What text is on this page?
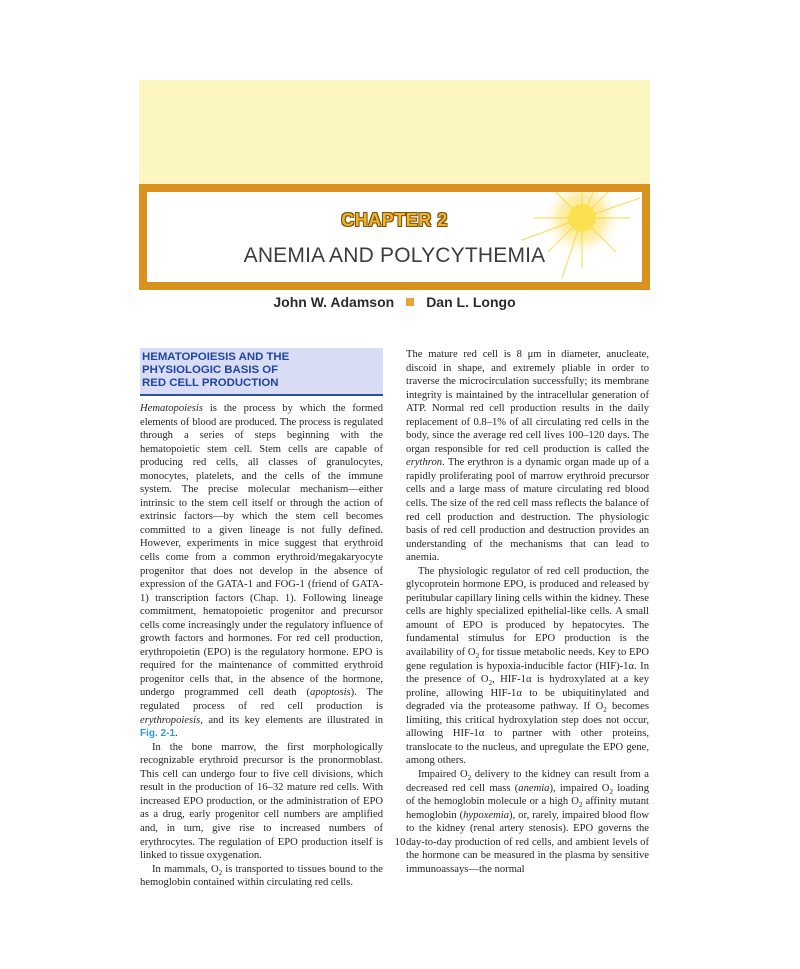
CHAPTER 2
ANEMIA AND POLYCYTHEMIA
John W. Adamson Dan L. Longo
HEMATOPOIESIS AND THE
PHYSIOLOGIC BASIS OF
RED CELL PRODUCTION

Hematopoiesis is the process by which the formed elements of blood are produced. The process is regulated through a series of steps beginning with the hematopoietic stem cell. Stem cells are capable of producing red cells, all classes of granulocytes, monocytes, platelets, and the cells of the immune system. The precise molecular mechanism—either intrinsic to the stem cell itself or through the action of extrinsic factors—by which the stem cell becomes committed to a given lineage is not fully defined. However, experiments in mice suggest that erythroid cells come from a common erythroid/megakaryocyte progenitor that does not develop in the absence of expression of the GATA-1 and FOG-1 (friend of GATA-1) transcription factors (Chap. 1). Following lineage commitment, hematopoietic progenitor and precursor cells come increasingly under the regulatory influence of growth factors and hormones. For red cell production, erythropoietin (EPO) is the regulatory hormone. EPO is required for the maintenance of committed erythroid progenitor cells that, in the absence of the hormone, undergo programmed cell death (apoptosis). The regulated process of red cell production is erythropoiesis, and its key elements are illustrated in Fig. 2-1.

In the bone marrow, the first morphologically recognizable erythroid precursor is the pronormoblast. This cell can undergo four to five cell divisions, which result in the production of 16–32 mature red cells. With increased EPO production, or the administration of EPO as a drug, early progenitor cell numbers are amplified and, in turn, give rise to increased numbers of erythrocytes. The regulation of EPO production itself is linked to tissue oxygenation.

In mammals, $O_2$ is transported to tissues bound to the hemoglobin contained within circulating red cells.

The mature red cell is 8 μm in diameter, anucleate, discoid in shape, and extremely pliable in order to traverse the microcirculation successfully; its membrane integrity is maintained by the intracellular generation of ATP. Normal red cell production results in the daily replacement of 0.8–1% of all circulating red cells in the body, since the average red cell lives 100–120 days. The organ responsible for red cell production is called the erythron. The erythron is a dynamic organ made up of a rapidly proliferating pool of marrow erythroid precursor cells and a large mass of mature circulating red blood cells. The size of the red cell mass reflects the balance of red cell production and destruction. The physiologic basis of red cell production and destruction provides an understanding of the mechanisms that can lead to anemia.

The physiologic regulator of red cell production, the glycoprotein hormone EPO, is produced and released by peritubular capillary lining cells within the kidney. These cells are highly specialized epithelial-like cells. A small amount of EPO is produced by hepatocytes. The fundamental stimulus for EPO production is the availability of $O_2$ for tissue metabolic needs. Key to EPO gene regulation is hypoxia-inducible factor (HIF)-1α. In the presence of $O_2$, HIF-1α is hydroxylated at a key proline, allowing HIF-1α to be ubiquitinylated and degraded via the proteasome pathway. If $O_2$ becomes limiting, this critical hydroxylation step does not occur, allowing HIF-1α to partner with other proteins, translocate to the nucleus, and upregulate the EPO gene, among others.

Impaired $O_2$ delivery to the kidney can result from a decreased red cell mass (anemia), impaired $O_2$ loading of the hemoglobin molecule or a high $O_2$ affinity mutant hemoglobin (hypoxemia), or, rarely, impaired blood flow to the kidney (renal artery stenosis). EPO governs the day-to-day production of red cells, and ambient levels of the hormone can be measured in the plasma by sensitive immunoassays—the normal

10
